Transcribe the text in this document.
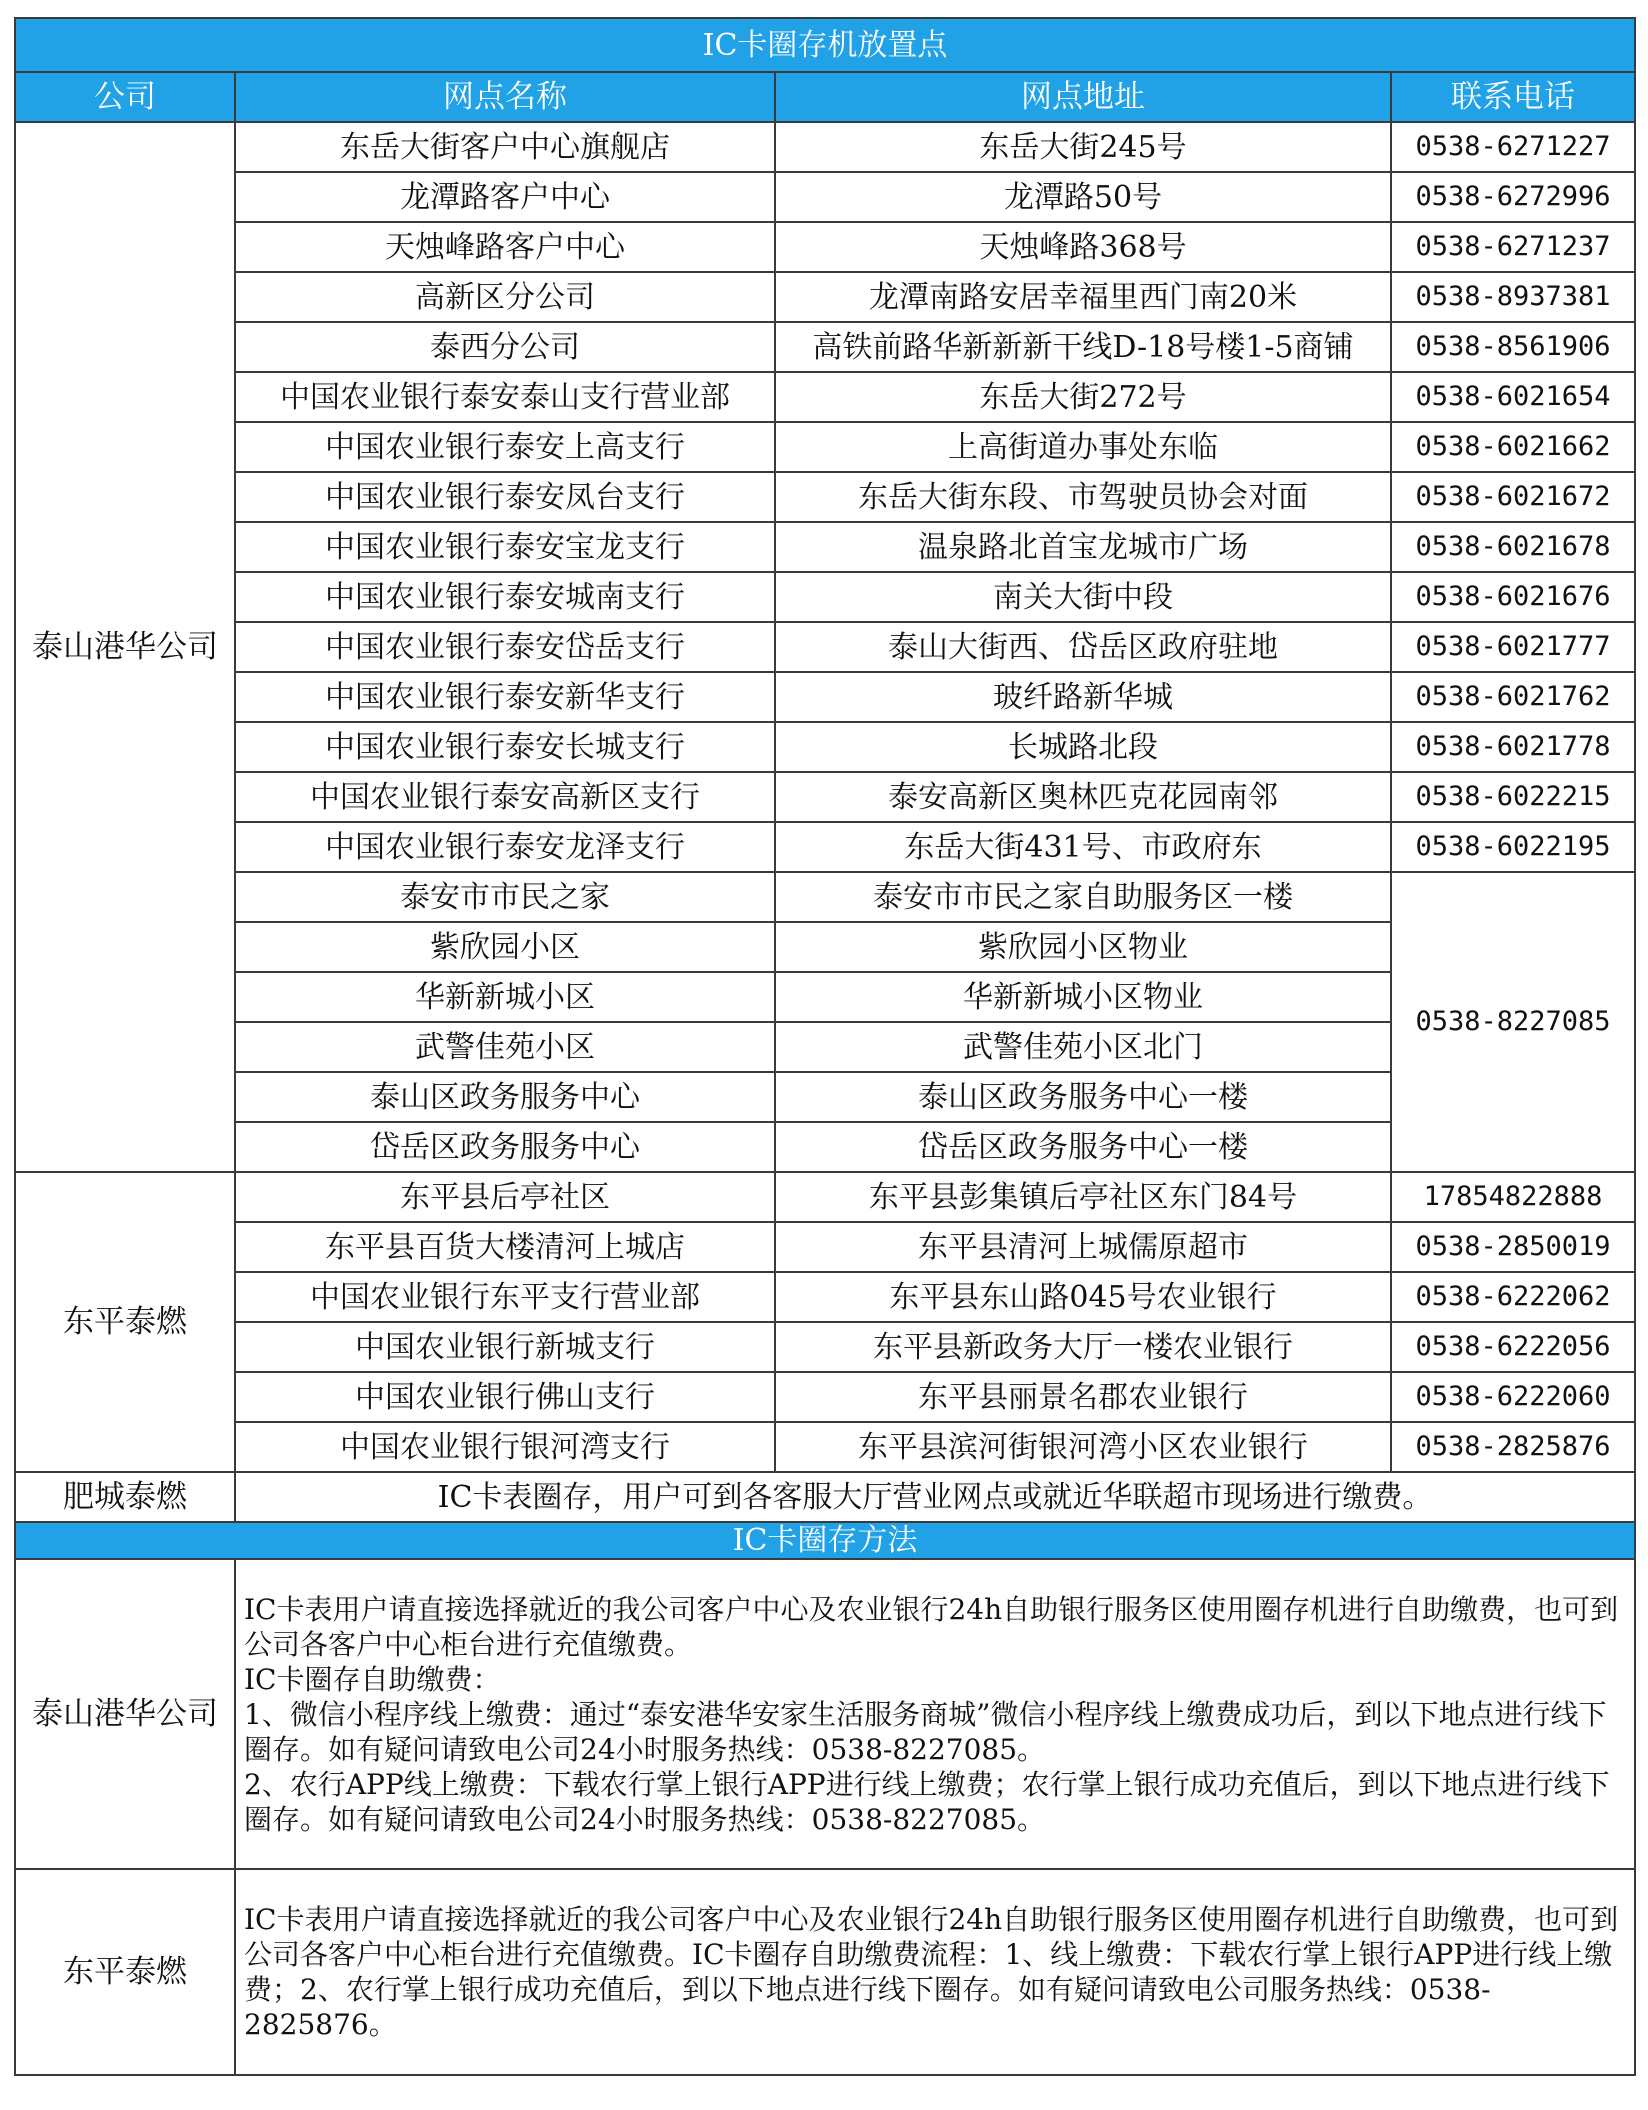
IC卡圈存机放置点			
公司	网点名称	网点地址	联系电话
泰山港华公司	东岳大街客户中心旗舰店	东岳大街245号	0538-6271227
	龙潭路客户中心	龙潭路50号	0538-6272996
	天烛峰路客户中心	天烛峰路368号	0538-6271237
	高新区分公司	龙潭南路安居幸福里西门南20米	0538-8937381
	泰西分公司	高铁前路华新新新干线D-18号楼1-5商铺	0538-8561906
	中国农业银行泰安泰山支行营业部	东岳大街272号	0538-6021654
	中国农业银行泰安上高支行	上高街道办事处东临	0538-6021662
	中国农业银行泰安凤台支行	东岳大街东段、市驾驶员协会对面	0538-6021672
	中国农业银行泰安宝龙支行	温泉路北首宝龙城市广场	0538-6021678
	中国农业银行泰安城南支行	南关大街中段	0538-6021676
	中国农业银行泰安岱岳支行	泰山大街西、岱岳区政府驻地	0538-6021777
	中国农业银行泰安新华支行	玻纤路新华城	0538-6021762
	中国农业银行泰安长城支行	长城路北段	0538-6021778
	中国农业银行泰安高新区支行	泰安高新区奥林匹克花园南邻	0538-6022215
	中国农业银行泰安龙泽支行	东岳大街431号、市政府东	0538-6022195
	泰安市市民之家	泰安市市民之家自助服务区一楼	0538-8227085
	紫欣园小区	紫欣园小区物业	
	华新新城小区	华新新城小区物业	
	武警佳苑小区	武警佳苑小区北门	
	泰山区政务服务中心	泰山区政务服务中心一楼	
	岱岳区政务服务中心	岱岳区政务服务中心一楼	
东平泰燃	东平县后亭社区	东平县彭集镇后亭社区东门84号	17854822888
	东平县百货大楼清河上城店	东平县清河上城儒原超市	0538-2850019
	中国农业银行东平支行营业部	东平县东山路045号农业银行	0538-6222062
	中国农业银行新城支行	东平县新政务大厅一楼农业银行	0538-6222056
	中国农业银行佛山支行	东平县丽景名郡农业银行	0538-6222060
	中国农业银行银河湾支行	东平县滨河街银河湾小区农业银行	0538-2825876
肥城泰燃	IC卡表圈存，用户可到各客服大厅营业网点或就近华联超市现场进行缴费。		
IC卡圈存方法			
泰山港华公司	IC卡表用户请直接选择就近的我公司客户中心及农业银行24h自助银行服务区使用圈存机进行自助缴费，也可到公司各客户中心柜台进行充值缴费。

IC卡圈存自助缴费：

1、微信小程序线上缴费：通过“泰安港华安家生活服务商城”微信小程序线上缴费成功后，到以下地点进行线下圈存。如有疑问请致电公司24小时服务热线：0538-8227085。

2、农行APP线上缴费：下载农行掌上银行APP进行线上缴费；农行掌上银行成功充值后，到以下地点进行线下圈存。如有疑问请致电公司24小时服务热线：0538-8227085。		

东平泰燃	IC卡表用户请直接选择就近的我公司客户中心及农业银行24h自助银行服务区使用圈存机进行自助缴费，也可到公司各客户中心柜台进行充值缴费。IC卡圈存自助缴费流程：1、线上缴费：下载农行掌上银行APP进行线上缴费；2、农行掌上银行成功充值后，到以下地点进行线下圈存。如有疑问请致电公司服务热线：0538-2825876。		
